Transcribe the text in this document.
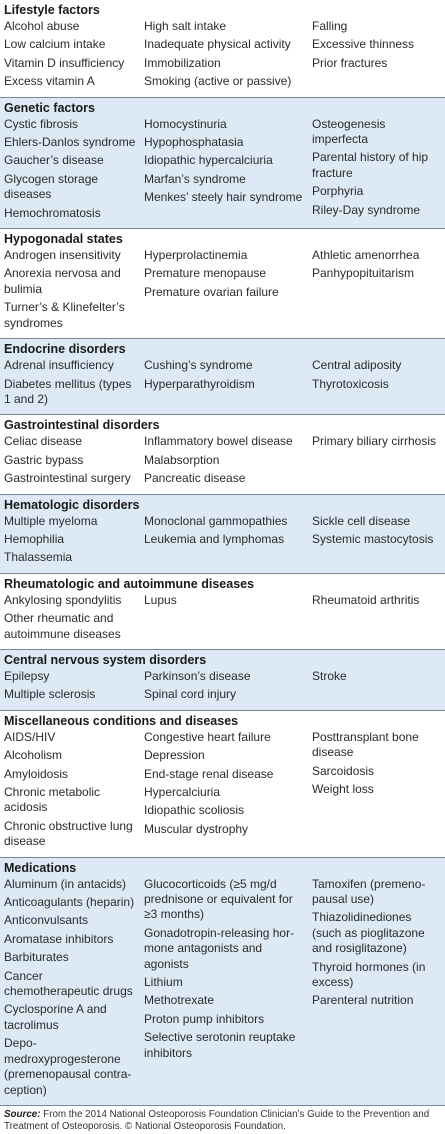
Lifestyle factors
Alcohol abuse
Low calcium intake
Vitamin D insufficiency
Excess vitamin A
High salt intake
Inadequate physical activity
Immobilization
Smoking (active or passive)
Falling
Excessive thinness
Prior fractures
Genetic factors
Cystic fibrosis
Ehlers-Danlos syndrome
Gaucher’s disease
Glycogen storage diseases
Hemochromatosis
Homocystinuria
Hypophosphatasia
Idiopathic hypercalciuria
Marfan’s syndrome
Menkes’ steely hair syndrome
Osteogenesis imperfecta
Parental history of hip fracture
Porphyria
Riley-Day syndrome
Hypogonadal states
Androgen insensitivity
Anorexia nervosa and bulimia
Turner’s & Klinefelter’s syndromes
Hyperprolactinemia
Premature menopause
Premature ovarian failure
Athletic amenorrhea
Panhypopituitarism
Endocrine disorders
Adrenal insufficiency
Diabetes mellitus (types 1 and 2)
Cushing’s syndrome
Hyperparathyroidism
Central adiposity
Thyrotoxicosis
Gastrointestinal disorders
Celiac disease
Gastric bypass
Gastrointestinal surgery
Inflammatory bowel disease
Malabsorption
Pancreatic disease
Primary biliary cirrhosis
Hematologic disorders
Multiple myeloma
Hemophilia
Thalassemia
Monoclonal gammopathies
Leukemia and lymphomas
Sickle cell disease
Systemic mastocytosis
Rheumatologic and autoimmune diseases
Ankylosing spondylitis
Other rheumatic and autoimmune diseases
Lupus	Rheumatoid arthritis
Central nervous system disorders
Epilepsy
Multiple sclerosis
Parkinson’s disease
Spinal cord injury
Stroke
Miscellaneous conditions and diseases
AIDS/HIV
Alcoholism
Amyloidosis
Chronic metabolic acidosis
Chronic obstructive lung disease
Congestive heart failure
Depression
End-stage renal disease
Hypercalciuria
Idiopathic scoliosis
Muscular dystrophy
Posttransplant bone disease
Sarcoidosis
Weight loss
Medications
Aluminum (in antacids)
Anticoagulants (heparin)
Anticonvulsants
Aromatase inhibitors
Barbiturates
Cancer chemotherapeutic drugs
Cyclosporine A and tacrolimus
Depo-medroxyprogesterone (premenopausal contra-ception)
Glucocorticoids (≥5 mg/d prednisone or equivalent for ≥3 months)
Gonadotropin-releasing hor-mone antagonists and agonists
Lithium
Methotrexate
Proton pump inhibitors
Selective serotonin reuptake inhibitors
Tamoxifen (premeno-pausal use)
Thiazolidinediones (such as pioglitazone and rosiglitazone)
Thyroid hormones (in excess)
Parenteral nutrition
Source: From the 2014 National Osteoporosis Foundation Clinician’s Guide to the Prevention and Treatment of Osteoporosis. © National Osteoporosis Foundation.
